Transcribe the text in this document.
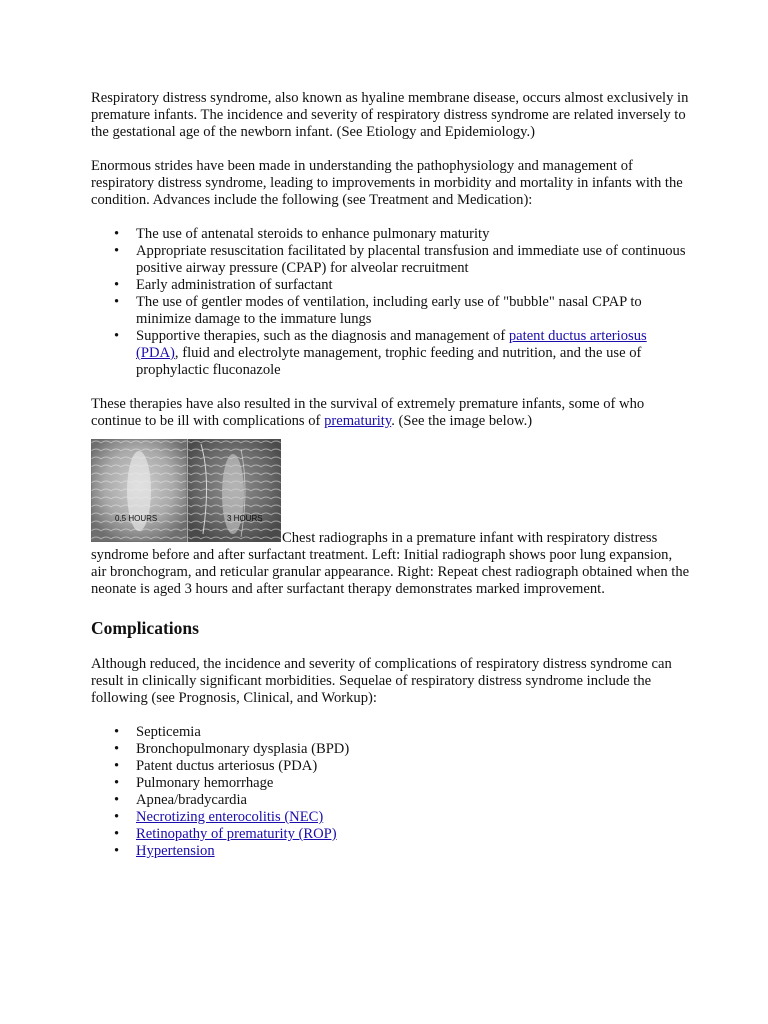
Respiratory distress syndrome, also known as hyaline membrane disease, occurs almost exclusively in premature infants. The incidence and severity of respiratory distress syndrome are related inversely to the gestational age of the newborn infant. (See Etiology and Epidemiology.)

Enormous strides have been made in understanding the pathophysiology and management of respiratory distress syndrome, leading to improvements in morbidity and mortality in infants with the condition. Advances include the following (see Treatment and Medication):

• The use of antenatal steroids to enhance pulmonary maturity
• Appropriate resuscitation facilitated by placental transfusion and immediate use of continuous positive airway pressure (CPAP) for alveolar recruitment
• Early administration of surfactant
• The use of gentler modes of ventilation, including early use of "bubble" nasal CPAP to minimize damage to the immature lungs
• Supportive therapies, such as the diagnosis and management of patent ductus arteriosus (PDA), fluid and electrolyte management, trophic feeding and nutrition, and the use of prophylactic fluconazole

These therapies have also resulted in the survival of extremely premature infants, some of who continue to be ill with complications of prematurity. (See the image below.)

0.5 HOURS	3 HOURS
Chest radiographs in a premature infant with respiratory distress syndrome before and after surfactant treatment. Left: Initial radiograph shows poor lung expansion, air bronchogram, and reticular granular appearance. Right: Repeat chest radiograph obtained when the neonate is aged 3 hours and after surfactant therapy demonstrates marked improvement.
Complications

Although reduced, the incidence and severity of complications of respiratory distress syndrome can result in clinically significant morbidities. Sequelae of respiratory distress syndrome include the following (see Prognosis, Clinical, and Workup):

• Septicemia
• Bronchopulmonary dysplasia (BPD)
• Patent ductus arteriosus (PDA)
• Pulmonary hemorrhage
• Apnea/bradycardia
• Necrotizing enterocolitis (NEC)
• Retinopathy of prematurity (ROP)
• Hypertension
